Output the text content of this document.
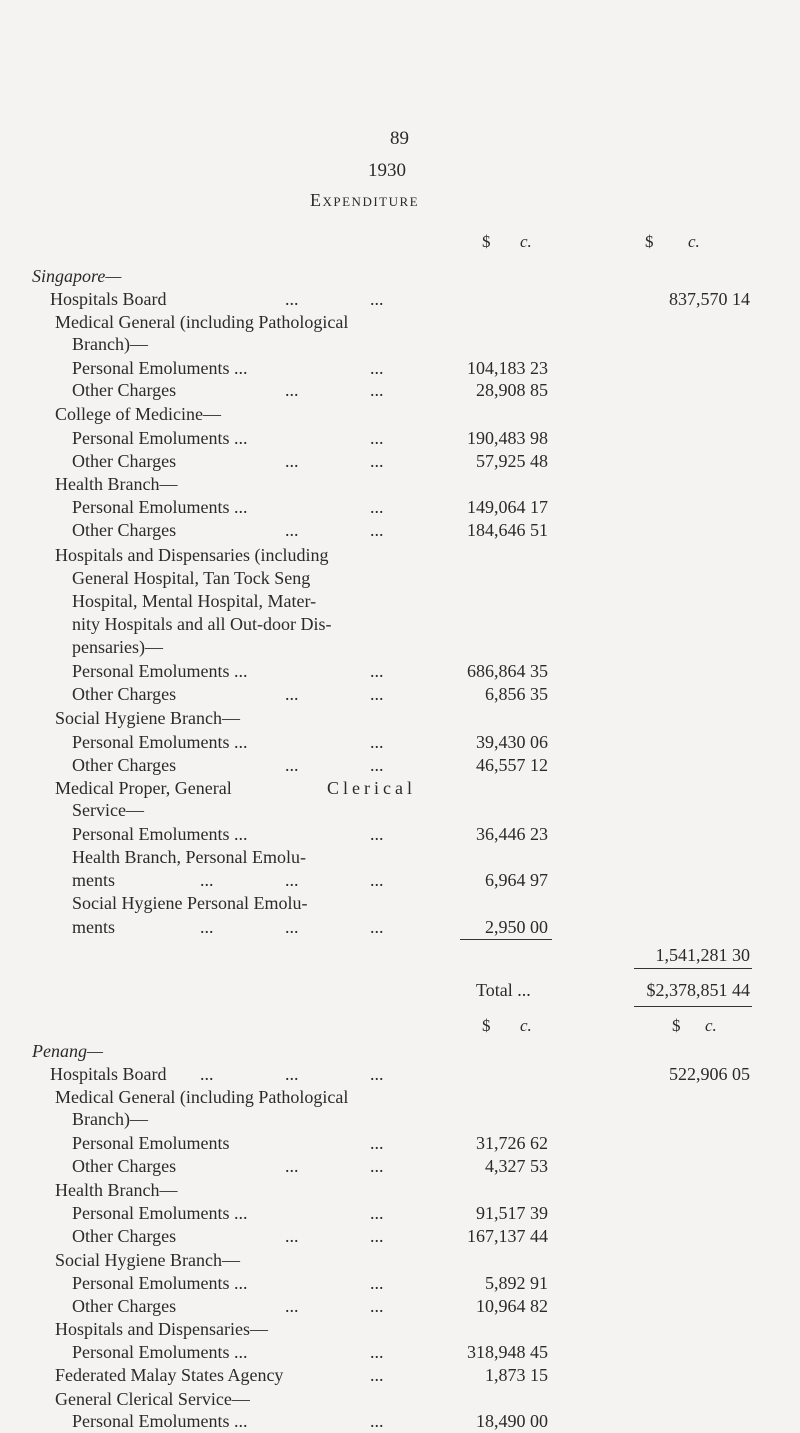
89
1930
Expenditure
$ c.	$ c.
Singapore—
Hospitals Board	...	...	837,570 14
Medical General (including Pathological
Branch)—
Personal Emoluments ...	...	104,183 23
Other Charges	...	...	28,908 85
College of Medicine—
Personal Emoluments ...	...	190,483 98
Other Charges	...	...	57,925 48
Health Branch—
Personal Emoluments ...	...	149,064 17
Other Charges	...	...	184,646 51
Hospitals and Dispensaries (including
General Hospital, Tan Tock Seng
Hospital, Mental Hospital, Mater-
nity Hospitals and all Out-door Dis-
pensaries)—
Personal Emoluments ...	...	686,864 35
Other Charges	...	...	6,856 35
Social Hygiene Branch—
Personal Emoluments ...	...	39,430 06
Other Charges	...	...	46,557 12
Medical Proper, General	Clerical
Service—
Personal Emoluments ...	...	36,446 23
Health Branch, Personal Emolu-
ments	...	...	...	6,964 97
Social Hygiene Personal Emolu-
ments	...	...	...	2,950 00
1,541,281 30
Total ...	$2,378,851 44
$ c.	$ c.
Penang—
Hospitals Board ...	...	...	522,906 05
Medical General (including Pathological
Branch)—
Personal Emoluments	...	31,726 62
Other Charges	...	...	4,327 53
Health Branch—
Personal Emoluments ...	...	91,517 39
Other Charges	...	...	167,137 44
Social Hygiene Branch—
Personal Emoluments ...	...	5,892 91
Other Charges	...	...	10,964 82
Hospitals and Dispensaries—
Personal Emoluments ...	...	318,948 45
Federated Malay States Agency	...	1,873 15
General Clerical Service—
Personal Emoluments ...	...	18,490 00
